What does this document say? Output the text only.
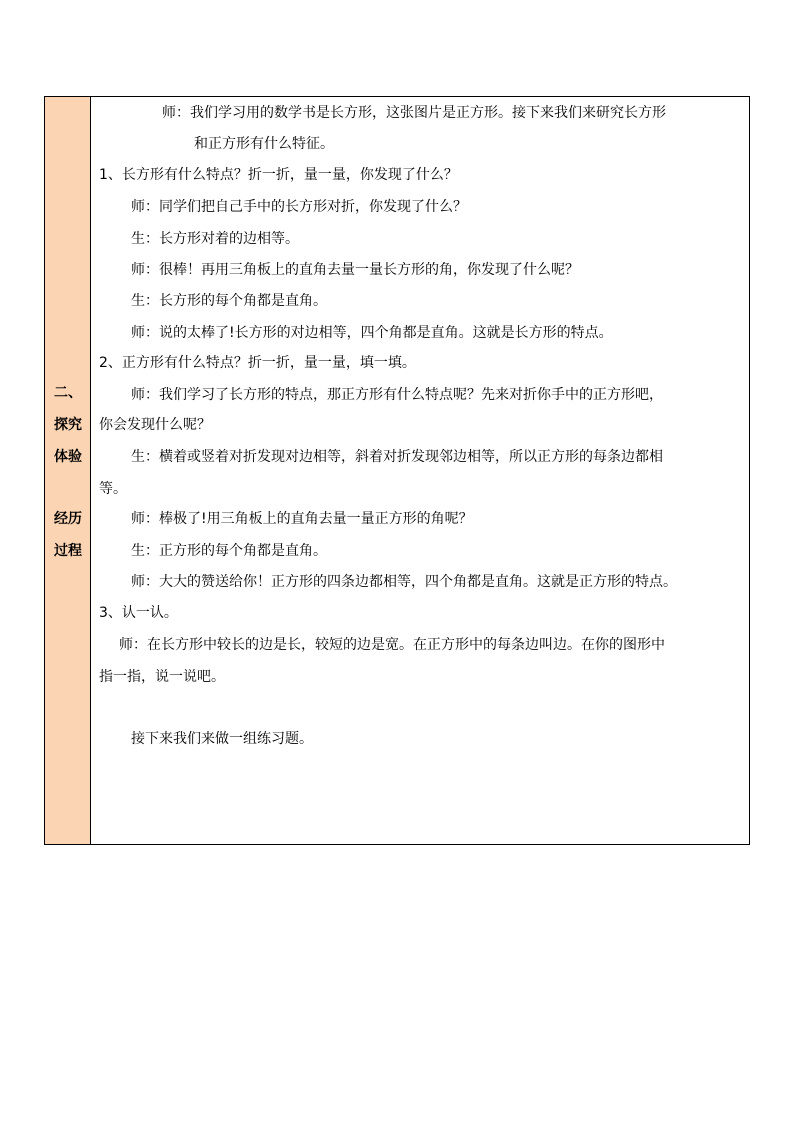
二、
探究
体验
经历
过程
师：我们学习用的数学书是长方形，这张图片是正方形。接下来我们来研究长方形
和正方形有什么特征。
1、长方形有什么特点？折一折，量一量，你发现了什么？
师：同学们把自己手中的长方形对折，你发现了什么？
生：长方形对着的边相等。
师：很棒！再用三角板上的直角去量一量长方形的角，你发现了什么呢？
生：长方形的每个角都是直角。
师：说的太棒了!长方形的对边相等，四个角都是直角。这就是长方形的特点。
2、正方形有什么特点？折一折，量一量，填一填。
师：我们学习了长方形的特点，那正方形有什么特点呢？先来对折你手中的正方形吧，
你会发现什么呢？
生：横着或竖着对折发现对边相等，斜着对折发现邻边相等，所以正方形的每条边都相
等。
师：棒极了!用三角板上的直角去量一量正方形的角呢？
生：正方形的每个角都是直角。
师：大大的赞送给你！正方形的四条边都相等，四个角都是直角。这就是正方形的特点。
3、认一认。
师：在长方形中较长的边是长，较短的边是宽。在正方形中的每条边叫边。在你的图形中
指一指，说一说吧。
接下来我们来做一组练习题。
